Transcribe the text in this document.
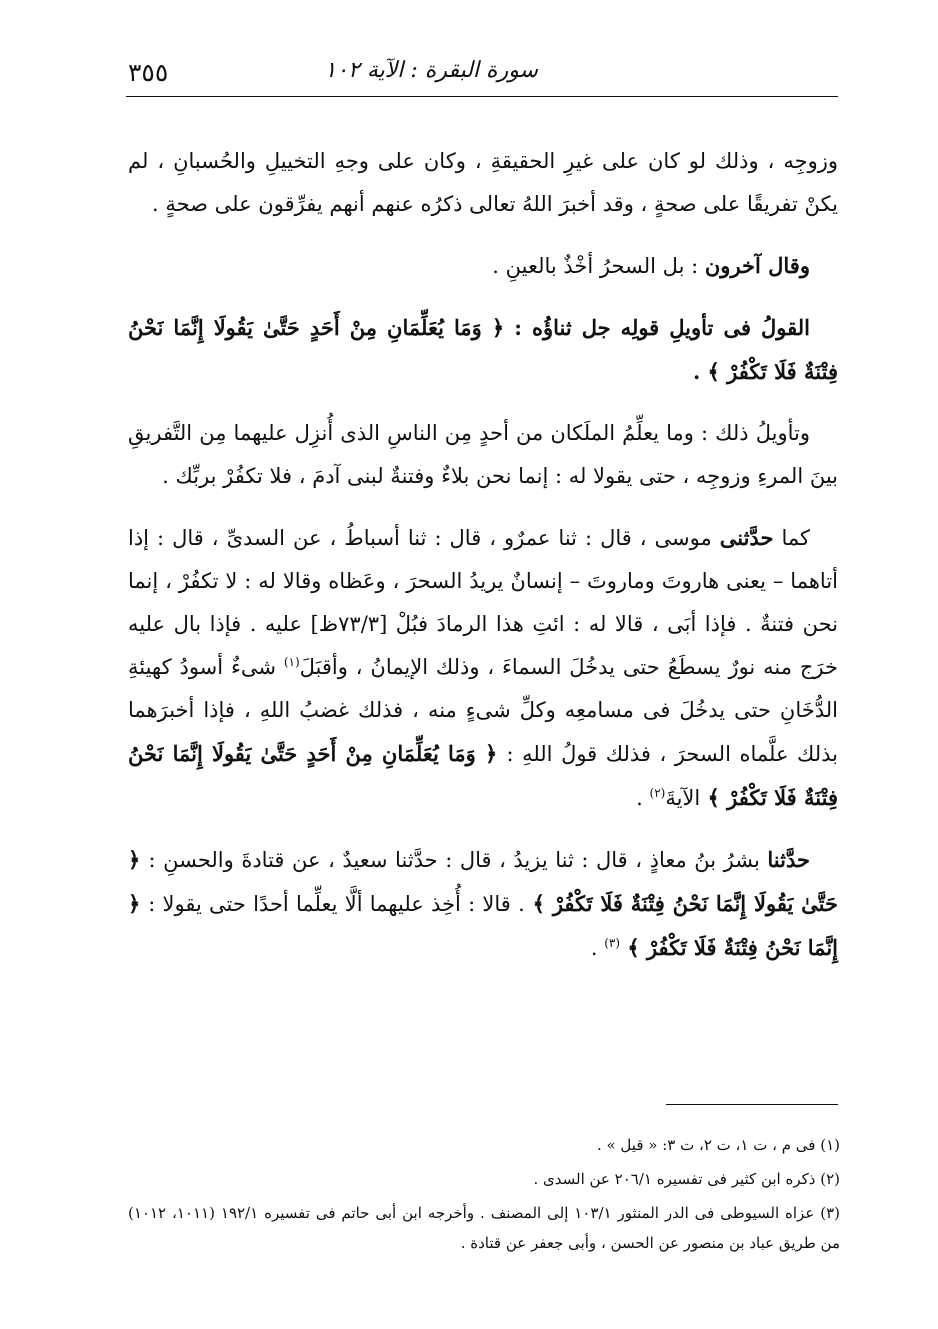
٣٥٥	سورة البقرة : الآية ١٠٢

وزوجِه ، وذلك لو كان على غيرِ الحقيقةِ ، وكان على وجهِ التخييلِ والحُسبانِ ، لم يكنْ تفريقًا على صحةٍ ، وقد أخبرَ اللهُ تعالى ذكرُه عنهم أنهم يفرِّقون على صحةٍ .

وقال آخرون : بل السحرُ أخْذٌ بالعينِ .

القولُ فى تأويلِ قولِه جل ثناؤُه : ﴿ وَمَا يُعَلِّمَانِ مِنْ أَحَدٍ حَتَّىٰ يَقُولَا إِنَّمَا نَحْنُ فِتْنَةٌ فَلَا تَكْفُرْ ﴾ .

وتأويلُ ذلك : وما يعلِّمُ الملَكان من أحدٍ مِن الناسِ الذى أُنزِل عليهما مِن التَّفريقِ بينَ المرءِ وزوجِه ، حتى يقولا له : إنما نحن بلاءٌ وفتنةٌ لبنى آدمَ ، فلا تكفُرْ بربِّك .

كما حدَّثنى موسى ، قال : ثنا عمرٌو ، قال : ثنا أسباطُ ، عن السدىِّ ، قال : إذا أتاهما – يعنى هاروتَ وماروتَ – إنسانٌ يريدُ السحرَ ، وعَظاه وقالا له : لا تكفُرْ ، إنما نحن فتنةٌ . فإذا أبَى ، قالا له : ائتِ هذا الرمادَ فبُلْ [٧٣/٣ظ] عليه . فإذا بال عليه خرَج منه نورٌ يسطَعُ حتى يدخُلَ السماءَ ، وذلك الإيمانُ ، وأقبَلَ$^{(١)}$ شىءٌ أسودُ كهيئةِ الدُّخَانِ حتى يدخُلَ فى مسامعِه وكلِّ شىءٍ منه ، فذلك غضبُ اللهِ ، فإذا أخبرَهما بذلك علَّماه السحرَ ، فذلك قولُ اللهِ : ﴿ وَمَا يُعَلِّمَانِ مِنْ أَحَدٍ حَتَّىٰ يَقُولَا إِنَّمَا نَحْنُ فِتْنَةٌ فَلَا تَكْفُرْ ﴾ الآيةَ$^{(٢)}$ .

حدَّثنا بشرُ بنُ معاذٍ ، قال : ثنا يزيدُ ، قال : حدَّثنا سعيدٌ ، عن قتادةَ والحسنِ : ﴿ حَتَّىٰ يَقُولَا إِنَّمَا نَحْنُ فِتْنَةٌ فَلَا تَكْفُرْ ﴾ . قالا : أُخِذ عليهما ألَّا يعلِّما أحدًا حتى يقولا : ﴿ إِنَّمَا نَحْنُ فِتْنَةٌ فَلَا تَكْفُرْ ﴾ $^{(٣)}$ .

(١) فى م ، ت ١، ت ٢، ت ٣: « قيل » .
(٢) ذكره ابن كثير فى تفسيره ٢٠٦/١ عن السدى .
(٣) عزاه السيوطى فى الدر المنثور ١٠٣/١ إلى المصنف . وأخرجه ابن أبى حاتم فى تفسيره ١٩٢/١ (١٠١١، ١٠١٢) من طريق عباد بن منصور عن الحسن ، وأبى جعفر عن قتادة .
